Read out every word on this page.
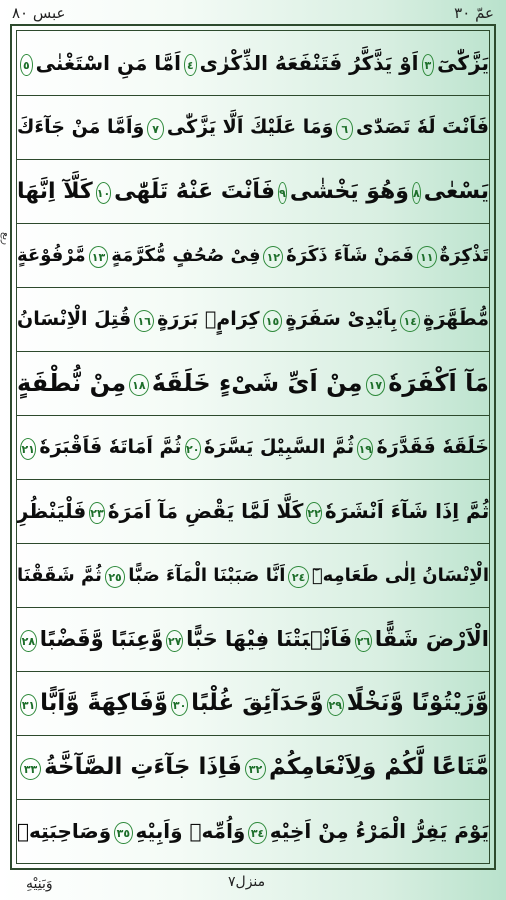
عبس ٨٠	عمّ ٣٠
ربع
يَزَّكّٰىٓ
٣
اَوْ يَذَّكَّرُ فَتَنْفَعَهُ الذِّكْرٰى
٤
اَمَّا مَنِ اسْتَغْنٰى
٥
فَاَنْتَ لَهٗ تَصَدّٰى
٦
وَمَا عَلَيْكَ اَلَّا يَزَّكّٰى
٧
وَاَمَّا مَنْ جَآءَكَ
يَسْعٰى
٨
وَهُوَ يَخْشٰى
٩
فَاَنْتَ عَنْهُ تَلَهّٰى
١٠
كَلَّآ اِنَّهَا
تَذْكِرَةٌ
١١
فَمَنْ شَآءَ ذَكَرَهٗ
١٢
فِىْ صُحُفٍ مُّكَرَّمَةٍ
١٣
مَّرْفُوْعَةٍ
مُّطَهَّرَةٍ
١٤
بِاَيْدِىْ سَفَرَةٍ
١٥
كِرَامٍۭ بَرَرَةٍ
١٦
قُتِلَ الْاِنْسَانُ
مَآ اَكْفَرَهٗ
١٧
مِنْ اَىِّ شَىْءٍ خَلَقَهٗ
١٨
مِنْ نُّطْفَةٍ
خَلَقَهٗ فَقَدَّرَهٗ
١٩
ثُمَّ السَّبِيْلَ يَسَّرَهٗ
٢٠
ثُمَّ اَمَاتَهٗ فَاَقْبَرَهٗ
٢١
ثُمَّ اِذَا شَآءَ اَنْشَرَهٗ
٢٢
كَلَّا لَمَّا يَقْضِ مَآ اَمَرَهٗ
٢٣
فَلْيَنْظُرِ
الْاِنْسَانُ اِلٰى طَعَامِهٖٓ
٢٤
اَنَّا صَبَبْنَا الْمَآءَ صَبًّا
٢٥
ثُمَّ شَقَقْنَا
الْاَرْضَ شَقًّا
٢٦
فَاَنْۢبَتْنَا فِيْهَا حَبًّا
٢٧
وَّعِنَبًا وَّقَضْبًا
٢٨
وَّزَيْتُوْنًا وَّنَخْلًا
٢٩
وَّحَدَآئِقَ غُلْبًا
٣٠
وَّفَاكِهَةً وَّاَبًّا
٣١
مَّتَاعًا لَّكُمْ وَلِاَنْعَامِكُمْ
٣٢
فَاِذَا جَآءَتِ الصَّآخَّةُ
٣٣
يَوْمَ يَفِرُّ الْمَرْءُ مِنْ اَخِيْهِ
٣٤
وَاُمِّهٖ وَاَبِيْهِ
٣٥
وَصَاحِبَتِهٖ
منزل٧
وَبَنِيْهِ
